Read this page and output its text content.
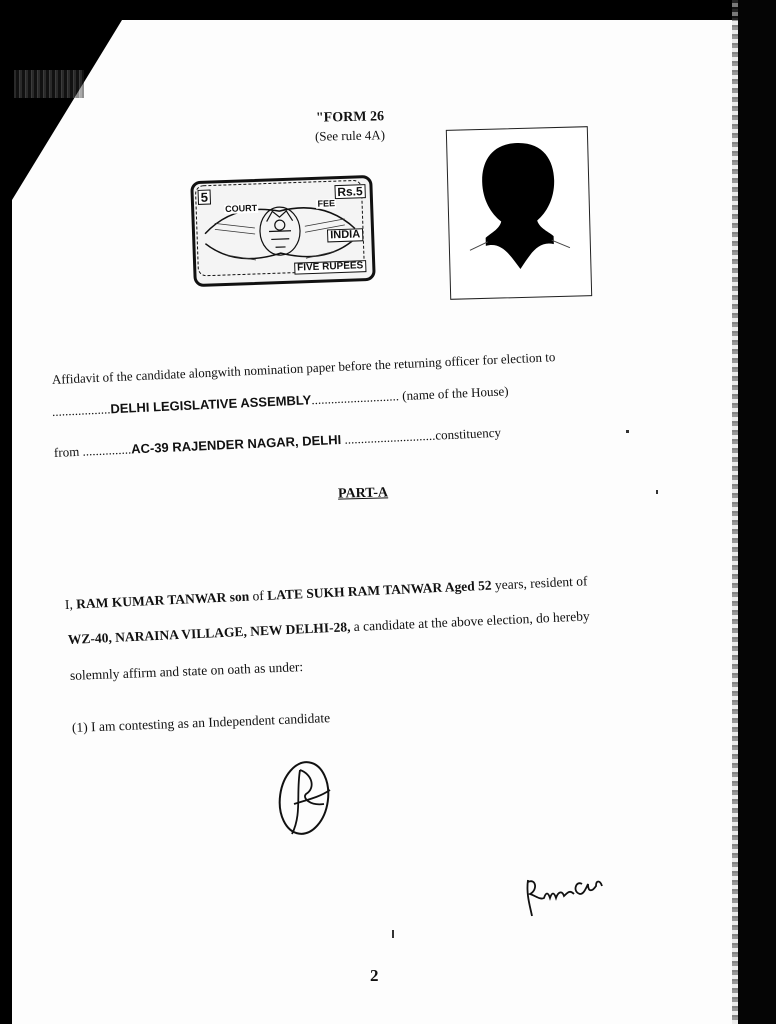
"FORM 26
(See rule 4A)
5	Rs.5
COURT	FEE
INDIA
FIVE RUPEES
Affidavit of the candidate alongwith nomination paper before the returning officer for election to
..................DELHI LEGISLATIVE ASSEMBLY........................... (name of the House)
from ...............AC-39 RAJENDER NAGAR, DELHI ............................constituency
PART-A
I, RAM KUMAR TANWAR son of LATE SUKH RAM TANWAR Aged 52 years, resident of
WZ-40, NARAINA VILLAGE, NEW DELHI-28, a candidate at the above election, do hereby
solemnly affirm and state on oath as under:
(1) I am contesting as an Independent candidate
2
